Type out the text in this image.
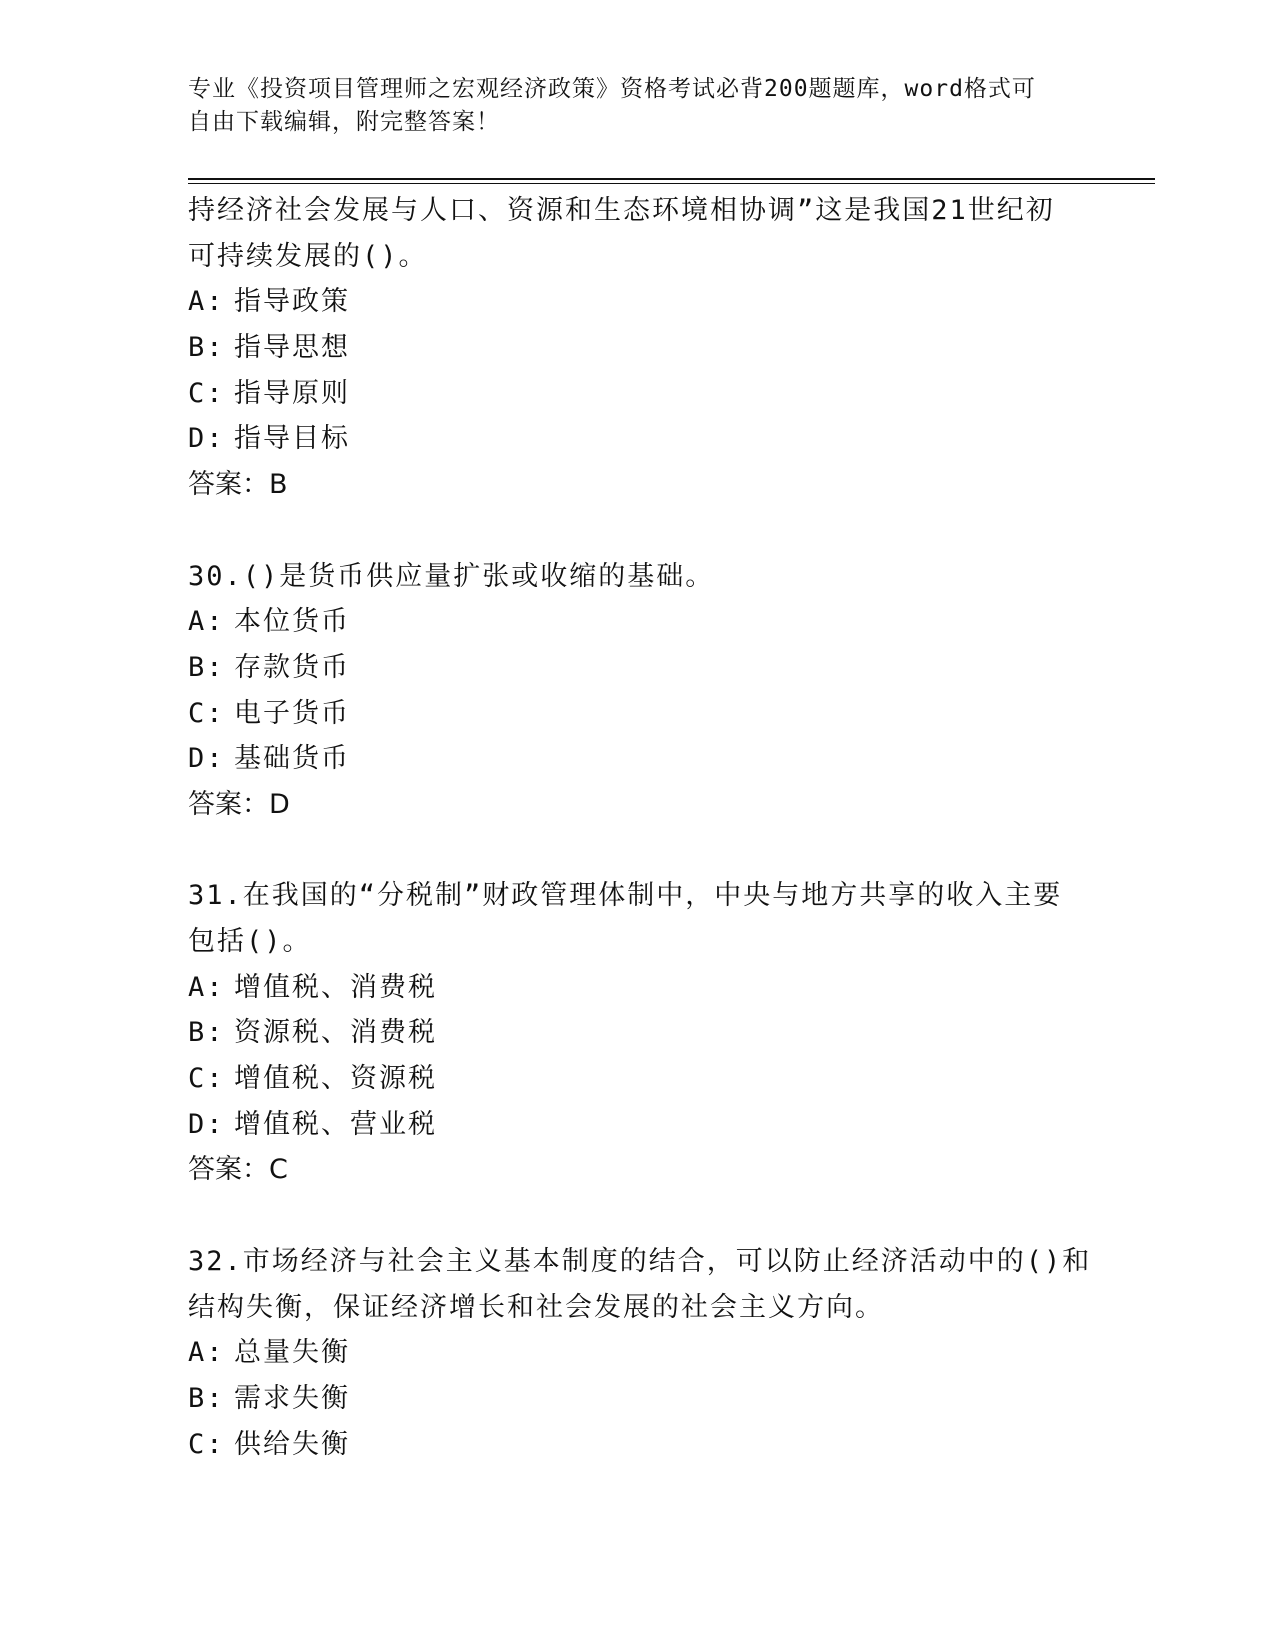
专业《投资项目管理师之宏观经济政策》资格考试必背200题题库，word格式可
自由下载编辑，附完整答案！
持经济社会发展与人口、资源和生态环境相协调”这是我国21世纪初
可持续发展的()。
A: 指导政策
B: 指导思想
C: 指导原则
D: 指导目标
答案：B
30.()是货币供应量扩张或收缩的基础。
A: 本位货币
B: 存款货币
C: 电子货币
D: 基础货币
答案：D
31.在我国的“分税制”财政管理体制中，中央与地方共享的收入主要
包括()。
A: 增值税、消费税
B: 资源税、消费税
C: 增值税、资源税
D: 增值税、营业税
答案：C
32.市场经济与社会主义基本制度的结合，可以防止经济活动中的()和
结构失衡，保证经济增长和社会发展的社会主义方向。
A: 总量失衡
B: 需求失衡
C: 供给失衡
